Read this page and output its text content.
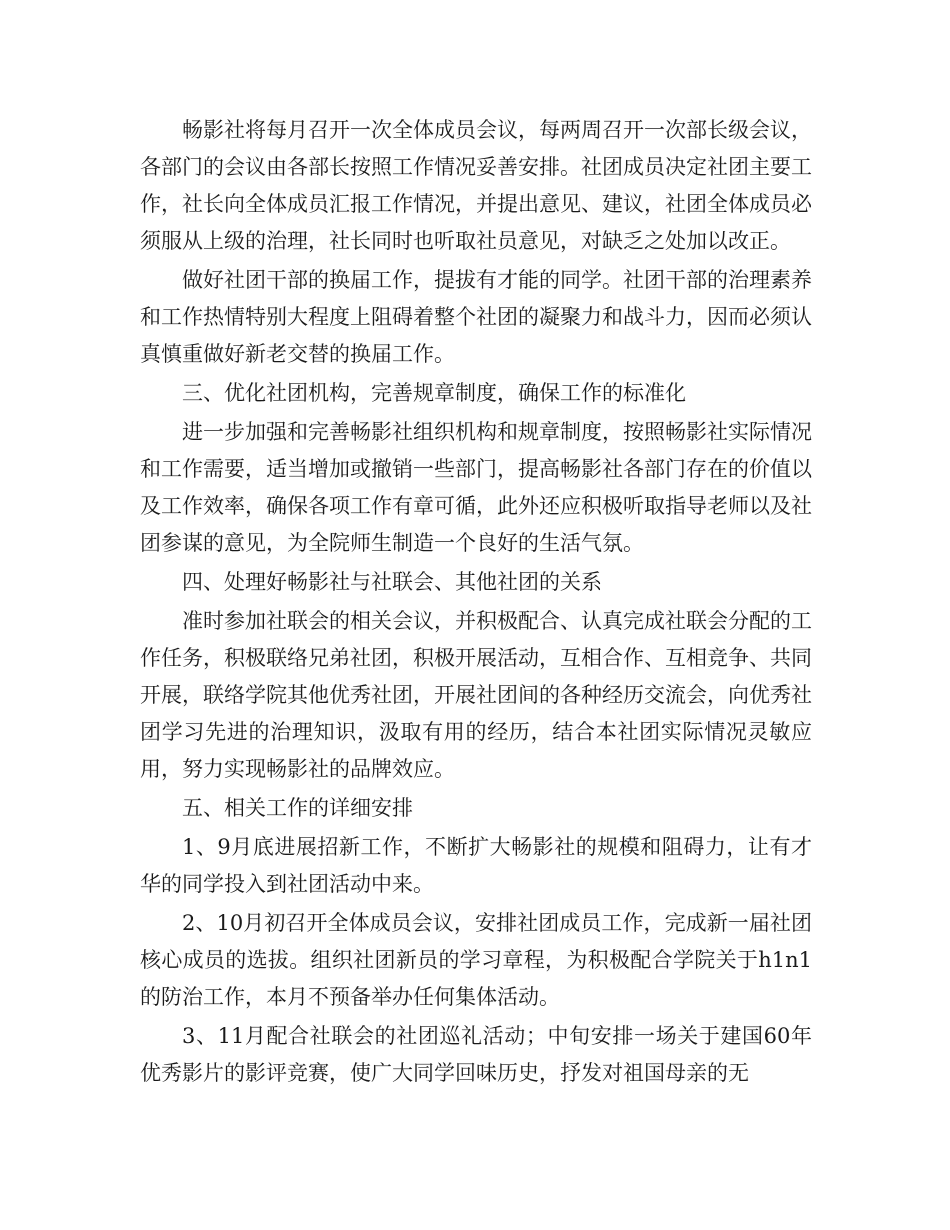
畅影社将每月召开一次全体成员会议，每两周召开一次部长级会议，各部门的会议由各部长按照工作情况妥善安排。社团成员决定社团主要工作，社长向全体成员汇报工作情况，并提出意见、建议，社团全体成员必须服从上级的治理，社长同时也听取社员意见，对缺乏之处加以改正。

做好社团干部的换届工作，提拔有才能的同学。社团干部的治理素养和工作热情特别大程度上阻碍着整个社团的凝聚力和战斗力，因而必须认真慎重做好新老交替的换届工作。

三、优化社团机构，完善规章制度，确保工作的标准化

进一步加强和完善畅影社组织机构和规章制度，按照畅影社实际情况和工作需要，适当增加或撤销一些部门，提高畅影社各部门存在的价值以及工作效率，确保各项工作有章可循，此外还应积极听取指导老师以及社团参谋的意见，为全院师生制造一个良好的生活气氛。

四、处理好畅影社与社联会、其他社团的关系

准时参加社联会的相关会议，并积极配合、认真完成社联会分配的工作任务，积极联络兄弟社团，积极开展活动，互相合作、互相竞争、共同开展，联络学院其他优秀社团，开展社团间的各种经历交流会，向优秀社团学习先进的治理知识，汲取有用的经历，结合本社团实际情况灵敏应用，努力实现畅影社的品牌效应。

五、相关工作的详细安排

1、9月底进展招新工作，不断扩大畅影社的规模和阻碍力，让有才华的同学投入到社团活动中来。

2、10月初召开全体成员会议，安排社团成员工作，完成新一届社团核心成员的选拔。组织社团新员的学习章程，为积极配合学院关于h1n1的防治工作，本月不预备举办任何集体活动。

3、11月配合社联会的社团巡礼活动；中旬安排一场关于建国60年优秀影片的影评竞赛，使广大同学回味历史，抒发对祖国母亲的无
